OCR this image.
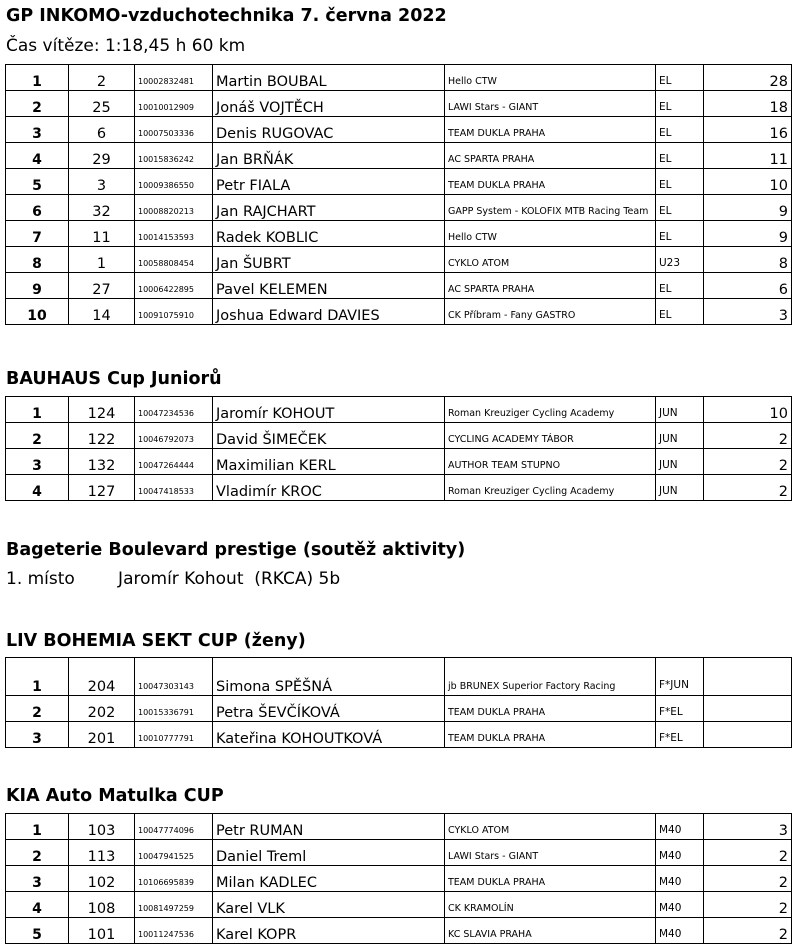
GP INKOMO-vzduchotechnika 7. června 2022
Čas vítěze: 1:18,45 h 60 km
1	2	10002832481	Martin BOUBAL	Hello CTW	EL	28
2	25	10010012909	Jonáš VOJTĚCH	LAWI Stars - GIANT	EL	18
3	6	10007503336	Denis RUGOVAC	TEAM DUKLA PRAHA	EL	16
4	29	10015836242	Jan BRŇÁK	AC SPARTA PRAHA	EL	11
5	3	10009386550	Petr FIALA	TEAM DUKLA PRAHA	EL	10
6	32	10008820213	Jan RAJCHART	GAPP System - KOLOFIX MTB Racing Team	EL	9
7	11	10014153593	Radek KOBLIC	Hello CTW	EL	9
8	1	10058808454	Jan ŠUBRT	CYKLO ATOM	U23	8
9	27	10006422895	Pavel KELEMEN	AC SPARTA PRAHA	EL	6
10	14	10091075910	Joshua Edward DAVIES	CK Příbram - Fany GASTRO	EL	3
BAUHAUS Cup Juniorů
1	124	10047234536	Jaromír KOHOUT	Roman Kreuziger Cycling Academy	JUN	10
2	122	10046792073	David ŠIMEČEK	CYCLING ACADEMY TÁBOR	JUN	2
3	132	10047264444	Maximilian KERL	AUTHOR TEAM STUPNO	JUN	2
4	127	10047418533	Vladimír KROC	Roman Kreuziger Cycling Academy	JUN	2
Bageterie Boulevard prestige (soutěž aktivity)
1. místo        Jaromír Kohout  (RKCA) 5b
LIV BOHEMIA SEKT CUP (ženy)
1	204	10047303143	Simona SPĚŠNÁ	jb BRUNEX Superior Factory Racing	F*JUN	
2	202	10015336791	Petra ŠEVČÍKOVÁ	TEAM DUKLA PRAHA	F*EL	
3	201	10010777791	Kateřina KOHOUTKOVÁ	TEAM DUKLA PRAHA	F*EL	
KIA Auto Matulka CUP
1	103	10047774096	Petr RUMAN	CYKLO ATOM	M40	3
2	113	10047941525	Daniel Treml	LAWI Stars - GIANT	M40	2
3	102	10106695839	Milan KADLEC	TEAM DUKLA PRAHA	M40	2
4	108	10081497259	Karel VLK	CK KRAMOLÍN	M40	2
5	101	10011247536	Karel KOPR	KC SLAVIA PRAHA	M40	2
